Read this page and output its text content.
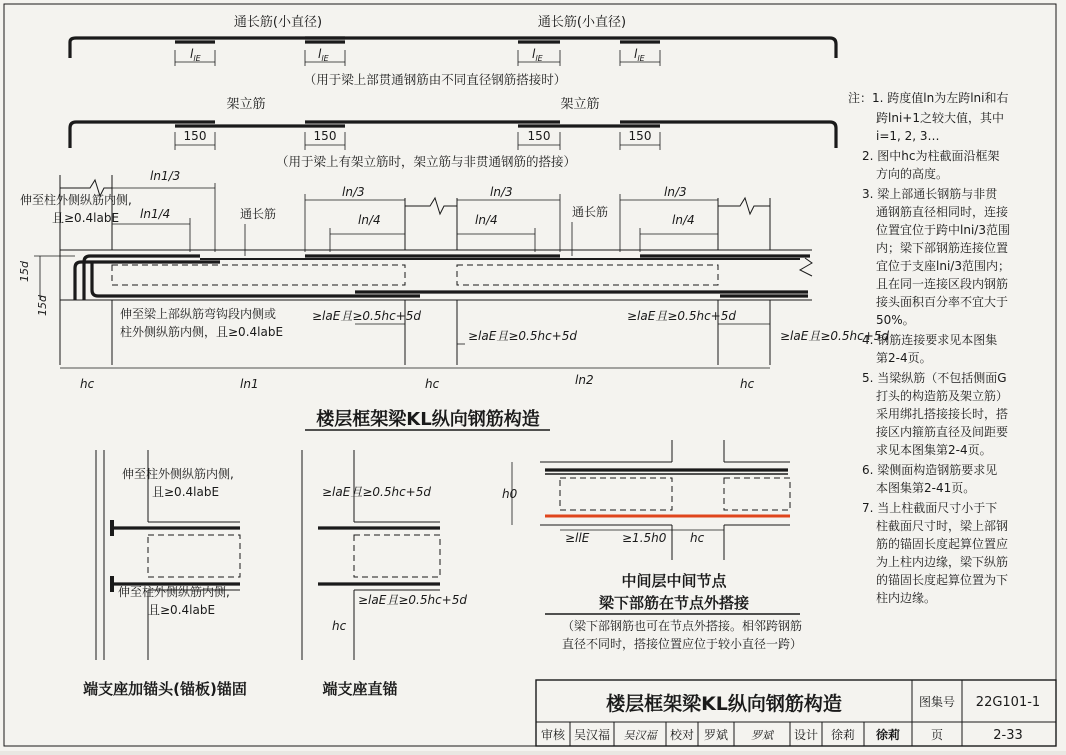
通长筋(小直径)	通长筋(小直径)
$l_{lE}$	$l_{lE}$	$l_{lE}$	$l_{lE}$
（用于梁上部贯通钢筋由不同直径钢筋搭接时）
架立筋	架立筋
150	150	150	150
（用于梁上有架立筋时，架立筋与非贯通钢筋的搭接）
ln1/3
ln1/4
ln/3
ln/4
ln/3
ln/4
ln/3
ln/4
伸至柱外侧纵筋内侧,
且≥0.4labE	通长筋	通长筋
15d
15d	伸至梁上部纵筋弯钩段内侧或
柱外侧纵筋内侧，且≥0.4labE
≥laE且≥0.5hc+5d
≥laE且≥0.5hc+5d
≥laE且≥0.5hc+5d
≥laE且≥0.5hc+5d
hc	hc	hc
ln1	ln2
楼层框架梁KL纵向钢筋构造
伸至柱外侧纵筋内侧,
且≥0.4labE
伸至柱外侧纵筋内侧,
且≥0.4labE
端支座加锚头(锚板)锚固
≥laE且≥0.5hc+5d
≥laE且≥0.5hc+5d
hc
端支座直锚
h0
≥llE	≥1.5h0 hc
中间层中间节点
梁下部筋在节点外搭接
（梁下部钢筋也可在节点外搭接。相邻跨钢筋
直径不同时，搭接位置应位于较小直径一跨）
注：1. 跨度值ln为左跨lni和右
跨lni+1之较大值，其中
i=1, 2, 3…
2. 图中hc为柱截面沿框架
方向的高度。
3. 梁上部通长钢筋与非贯
通钢筋直径相同时，连接
位置宜位于跨中lni/3范围
内；梁下部钢筋连接位置
宜位于支座lni/3范围内；
且在同一连接区段内钢筋
接头面积百分率不宜大于
50%。
4. 钢筋连接要求见本图集
第2-4页。
5. 当梁纵筋（不包括侧面G
打头的构造筋及架立筋）
采用绑扎搭接接长时，搭
接区内箍筋直径及间距要
求见本图集第2-4页。
6. 梁侧面构造钢筋要求见
本图集第2-41页。
7. 当上柱截面尺寸小于下
柱截面尺寸时，梁上部钢
筋的锚固长度起算位置应
为上柱内边缘，梁下纵筋
的锚固长度起算位置为下
柱内边缘。
楼层框架梁KL纵向钢筋构造	图集号 22G101-1
审核 吴汉福 吴汉福 校对 罗斌 罗斌 设计 徐莉 徐莉	页	2-33
